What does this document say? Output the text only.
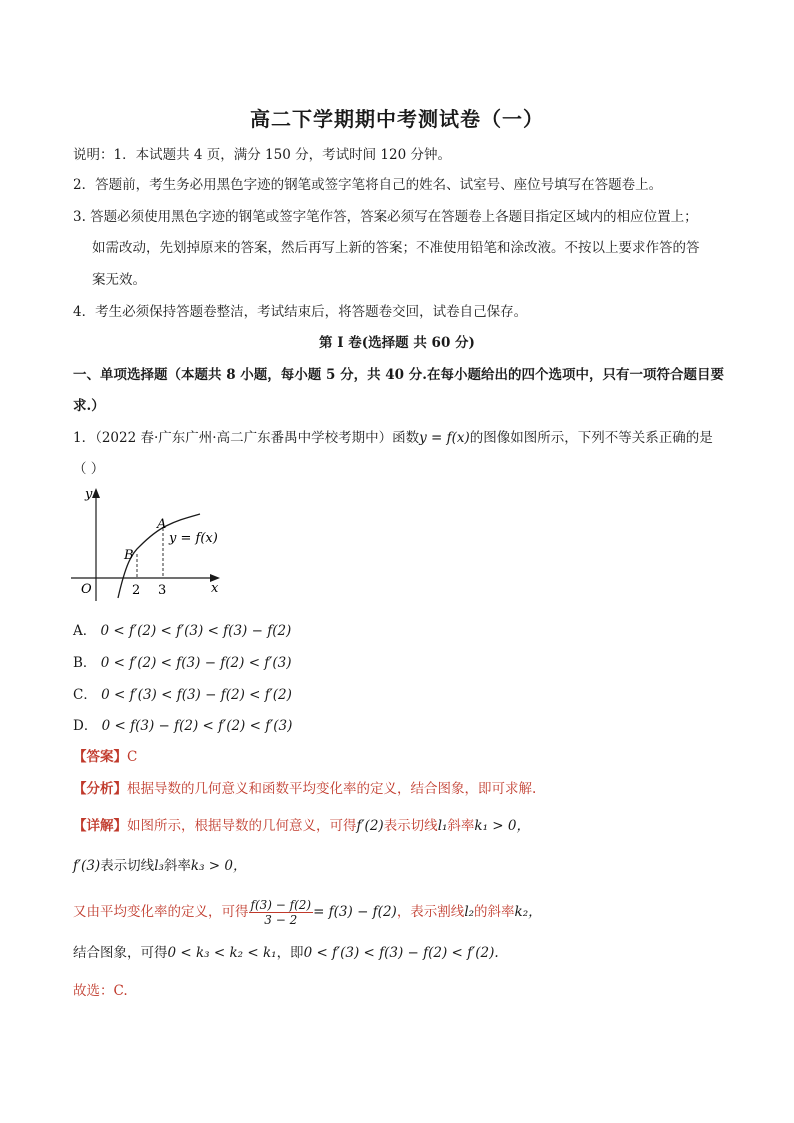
高二下学期期中考测试卷（一）
说明：1．本试题共 4 页，满分 150 分，考试时间 120 分钟。
2．答题前，考生务必用黑色字迹的钢笔或签字笔将自己的姓名、试室号、座位号填写在答题卷上。
3. 答题必须使用黑色字迹的钢笔或签字笔作答，答案必须写在答题卷上各题目指定区域内的相应位置上；
如需改动，先划掉原来的答案，然后再写上新的答案；不准使用铅笔和涂改液。不按以上要求作答的答
案无效。
4．考生必须保持答题卷整洁，考试结束后，将答题卷交回，试卷自己保存。
第 I 卷(选择题 共 60 分)
一、单项选择题（本题共 8 小题，每小题 5 分，共 40 分.在每小题给出的四个选项中，只有一项符合题目要
求.）
1．（2022 春·广东广州·高二广东番禺中学校考期中）函数y = f(x)的图像如图所示，下列不等关系正确的是
（ ）
y
x
O
A
B
2 3
y = f(x)
A． 0 < f′(2) < f′(3) < f(3) − f(2)
B． 0 < f′(2) < f(3) − f(2) < f′(3)
C． 0 < f′(3) < f(3) − f(2) < f′(2)
D． 0 < f(3) − f(2) < f′(2) < f′(3)
【答案】C
【分析】根据导数的几何意义和函数平均变化率的定义，结合图象，即可求解.
【详解】如图所示，根据导数的几何意义，可得f′(2)表示切线l₁斜率k₁ > 0，
f′(3)表示切线l₃斜率k₃ > 0，
又由平均变化率的定义，可得 $\frac{f(3) - f(2)}{3 - 2} = f(3) - f(2)$，表示割线l₂的斜率k₂，
结合图象，可得0 < k₃ < k₂ < k₁，即0 < f′(3) < f(3) − f(2) < f′(2).
故选：C.
